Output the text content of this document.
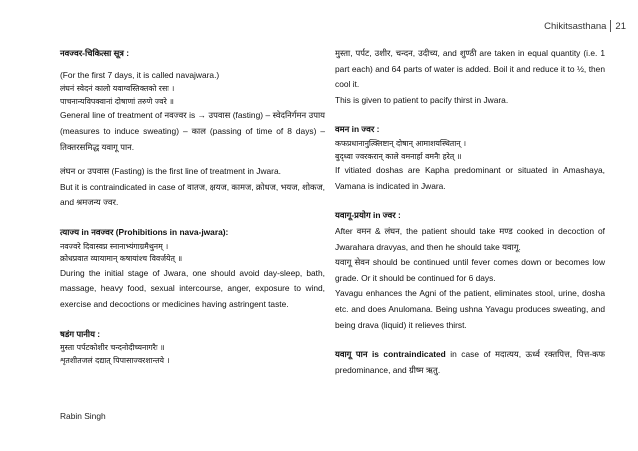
Chikitsasthana 21

नवज्वर-चिकित्सा सूत्र :

(For the first 7 days, it is called navajwara.)

लंघनं स्वेदनं कालो यवाग्वस्तिक्तको रसः ।

पाचनान्यविपक्वानां दोषाणां तरुणे ज्वरे ॥

General line of treatment of नवज्वर is → उपवास (fasting) – स्वेदनिर्गमन उपाय (measures to induce sweating) – काल (passing of time of 8 days) – तिक्तरसमिद्ध यवागू पान.

लंघन or उपवास (Fasting) is the first line of treatment in Jwara.

But it is contraindicated in case of वातज, क्षयज, कामज, क्रोधज, भयज, शोकज, and श्रमजन्य ज्वर.

त्याज्य in नवज्वर (Prohibitions in nava-jwara):

नवज्वरे दिवास्वप्न स्नानाभ्यंगाग्रमैथुनम् ।

क्रोधप्रवात व्यायामान् कषायांश्च विवर्जयेत् ॥

During the initial stage of Jwara, one should avoid day-sleep, bath, massage, heavy food, sexual intercourse, anger, exposure to wind, exercise and decoctions or medicines having astringent taste.

षडंग पानीय :

मुस्ता पर्पटकोशीर चन्दनोदीच्यनागरैः ॥

शृतशीतजलं दद्यात् पिपासाज्वरशान्तये ।

मुस्ता, पर्पट, उशीर, चन्दन, उदीच्य, and शुण्ठी are taken in equal quantity (i.e. 1 part each) and 64 parts of water is added. Boil it and reduce it to ½, then cool it.

This is given to patient to pacify thirst in Jwara.

वमन in ज्वर :

कफप्रधानानुत्क्लिष्टान् दोषान् आमाशयस्थितान् ।

बुद्ध्वा ज्वरकरान् काले वमनार्हा वमनैः हरेत् ॥

If vitiated doshas are Kapha predominant or situated in Amashaya, Vamana is indicated in Jwara.

यवागू-प्रयोग in ज्वर :

After वमन & लंघन, the patient should take मण्ड cooked in decoction of Jwarahara dravyas, and then he should take यवागू.

यवागू सेवन should be continued until fever comes down or becomes low grade. Or it should be continued for 6 days.

Yavagu enhances the Agni of the patient, eliminates stool, urine, dosha etc. and does Anulomana. Being ushna Yavagu produces sweating, and being drava (liquid) it relieves thirst.

यवागू पान is contraindicated in case of मदात्यय, ऊर्ध्व रक्तपित्त, पित्त-कफ predominance, and ग्रीष्म ऋतु.

Rabin Singh
